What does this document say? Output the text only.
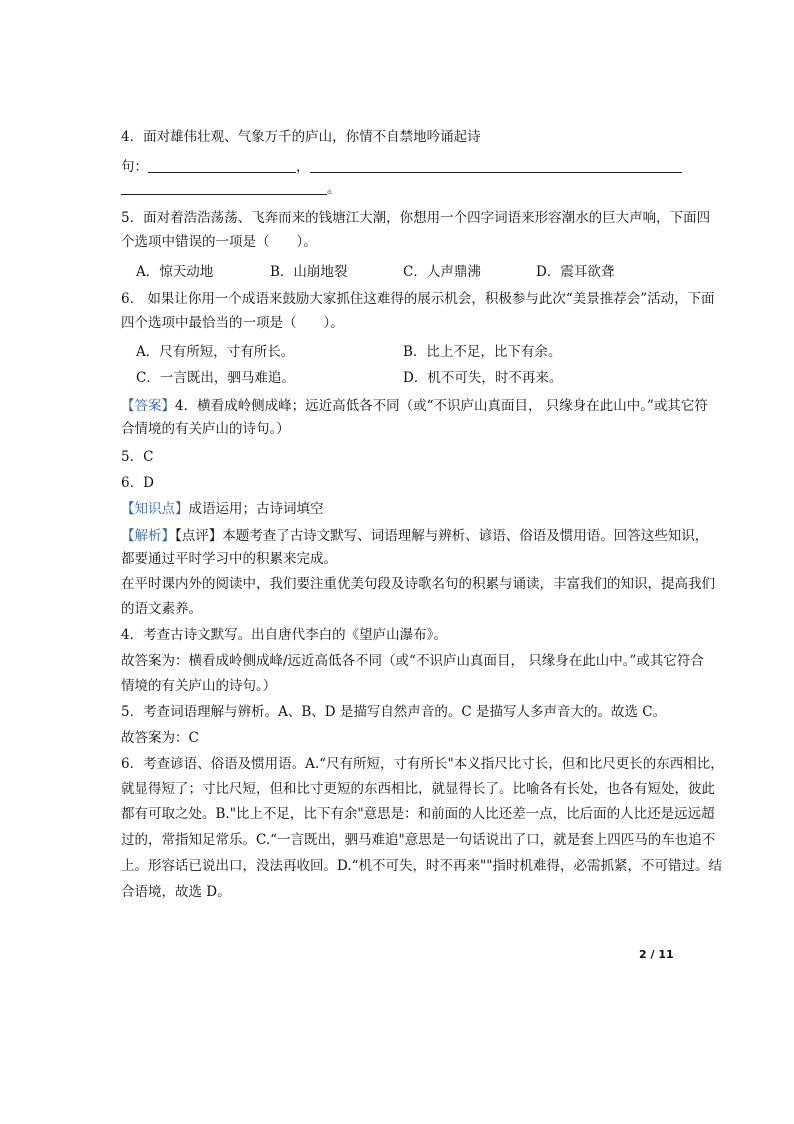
4．面对雄伟壮观、气象万千的庐山，你情不自禁地吟诵起诗
句：	，
。
5．面对着浩浩荡荡、飞奔而来的钱塘江大潮，你想用一个四字词语来形容潮水的巨大声响，下面四
个选项中错误的一项是（　　）。
A．惊天动地	B．山崩地裂	C．人声鼎沸	D．震耳欲聋
6． 如果让你用一个成语来鼓励大家抓住这难得的展示机会，积极参与此次“美景推荐会”活动，下面
四个选项中最恰当的一项是（　　）。
A．尺有所短，寸有所长。	B．比上不足，比下有余。
C．一言既出，驷马难追。	D．机不可失，时不再来。
【答案】4．横看成岭侧成峰；远近高低各不同（或“不识庐山真面目， 只缘身在此山中。”或其它符
合情境的有关庐山的诗句。）
5．C
6．D
【知识点】成语运用；古诗词填空
【解析】【点评】本题考查了古诗文默写、词语理解与辨析、谚语、俗语及惯用语。回答这些知识，
都要通过平时学习中的积累来完成。
在平时课内外的阅读中，我们要注重优美句段及诗歌名句的积累与诵读，丰富我们的知识，提高我们
的语文素养。
4．考查古诗文默写。出自唐代李白的《望庐山瀑布》。
故答案为：横看成岭侧成峰/远近高低各不同（或“不识庐山真面目， 只缘身在此山中。”或其它符合
情境的有关庐山的诗句。）
5．考查词语理解与辨析。A、B、D 是描写自然声音的。C 是描写人多声音大的。故选 C。
故答案为：C
6．考查谚语、俗语及惯用语。A.“尺有所短，寸有所长"本义指尺比寸长，但和比尺更长的东西相比，
就显得短了；寸比尺短，但和比寸更短的东西相比，就显得长了。比喻各有长处，也各有短处，彼此
都有可取之处。B."比上不足，比下有余"意思是：和前面的人比还差一点，比后面的人比还是远远超
过的，常指知足常乐。C.“一言既出，驷马难追"意思是一句话说出了口，就是套上四匹马的车也追不
上。形容话已说出口，没法再收回。D.“机不可失，时不再来""指时机难得，必需抓紧，不可错过。结
合语境，故选 D。
2 / 11
